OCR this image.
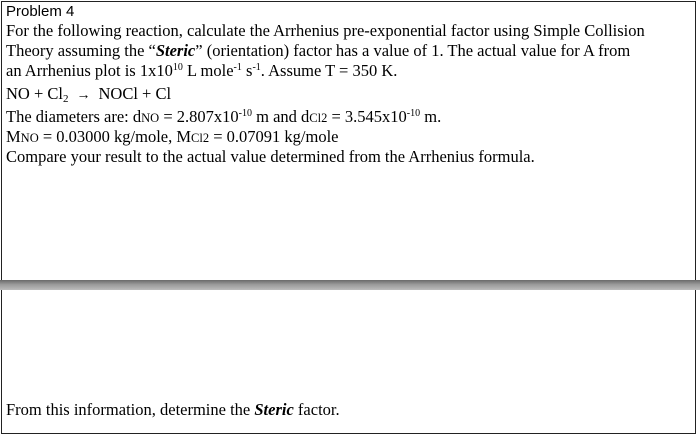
Problem 4
For the following reaction, calculate the Arrhenius pre-exponential factor using Simple Collision
Theory assuming the “Steric” (orientation) factor has a value of 1. The actual value for A from
an Arrhenius plot is $1x10^{10}$ L mole$^{-1}$ $s^{-1}$. Assume T = 350 K.
NO + $Cl_2$ → NOCl + Cl
The diameters are: dNO = $2.807x10^{-10}$ m and $dCl2 = 3.545x10^{-10}$ m.
MNO = 0.03000 kg/mole, MCl2 = 0.07091 kg/mole
Compare your result to the actual value determined from the Arrhenius formula.
From this information, determine the Steric factor.
